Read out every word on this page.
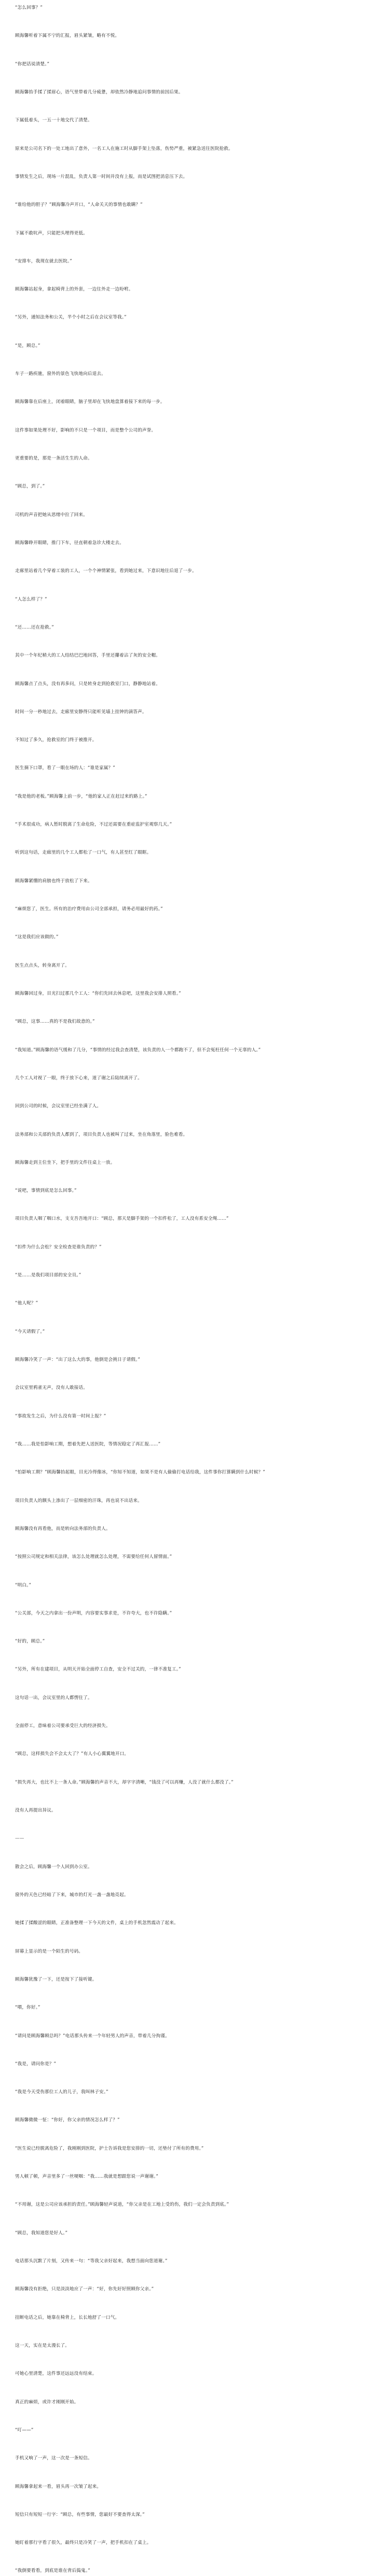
“怎么回事？”

顾海馨听着下属不宁的汇报，眉头紧皱，略有不悦。

“你把话说清楚。”

顾海馨抬手揉了揉眉心，语气里带着几分疲惫，却依然冷静地追问事情的前因后果。

下属低着头，一五一十地交代了清楚。

原来是公司名下的一处工地出了意外，一名工人在施工时从脚手架上坠落，伤势严重，被紧急送往医院抢救。

事情发生之后，现场一片混乱，负责人第一时间并没有上报，而是试图把消息压下去。

“谁给他的胆子？”顾海馨冷声开口，“人命关天的事情也敢瞒？”

下属不敢吭声，只能把头埋得更低。

“安排车，我现在就去医院。”

顾海馨站起身，拿起椅背上的外套，一边往外走一边吩咐。

“另外，通知法务和公关，半个小时之后在会议室等我。”

“是，顾总。”

车子一路疾驰，窗外的景色飞快地向后退去。

顾海馨靠在后座上，闭着眼睛，脑子里却在飞快地盘算着接下来的每一步。

这件事如果处理不好，影响的不只是一个项目，而是整个公司的声誉。

更重要的是，那是一条活生生的人命。

“顾总，到了。”

司机的声音把她从思绪中拉了回来。

顾海馨睁开眼睛，推门下车，径直朝着急诊大楼走去。

走廊里站着几个穿着工装的工人，一个个神情紧张，看到她过来，下意识地往后退了一步。

“人怎么样了？”

“还……还在抢救。”

其中一个年纪稍大的工人结结巴巴地回答，手里还攥着沾了灰的安全帽。

顾海馨点了点头，没有再多问，只是转身走到抢救室门口，静静地站着。

时间一分一秒地过去，走廊里安静得只能听见墙上挂钟的滴答声。

不知过了多久，抢救室的门终于被推开。

医生摘下口罩，看了一眼在场的人：“谁是家属？”

“我是他的老板。”顾海馨上前一步，“他的家人正在赶过来的路上。”

“手术很成功，病人暂时脱离了生命危险，不过还需要在重症监护室观察几天。”

听到这句话，走廊里的几个工人都松了一口气，有人甚至红了眼眶。

顾海馨紧绷的肩膀也终于放松了下来。

“麻烦您了，医生。所有的治疗费用由公司全部承担，请务必用最好的药。”

“这是我们应该做的。”

医生点点头，转身离开了。

顾海馨回过身，目光扫过那几个工人：“你们先回去休息吧，这里我会安排人照看。”

“顾总，这事……真的不是我们故意的。”

“我知道。”顾海馨的语气缓和了几分，“事情的经过我会查清楚，该负责的人一个都跑不了，但不会冤枉任何一个无辜的人。”

几个工人对视了一眼，终于放下心来，道了谢之后陆续离开了。

回到公司的时候，会议室里已经坐满了人。

法务部和公关部的负责人都到了，项目负责人也被叫了过来，坐在角落里，脸色难看。

顾海馨走到主位坐下，把手里的文件往桌上一放。

“说吧，事情到底是怎么回事。”

项目负责人咽了咽口水，支支吾吾地开口：“顾总，那天是脚手架的一个扣件松了，工人没有系安全绳……”

“扣件为什么会松？安全检查是谁负责的？”

“是……是我们项目部的安全员。”

“他人呢？”

“今天请假了。”

顾海馨冷笑了一声：“出了这么大的事，他倒是会挑日子请假。”

会议室里鸦雀无声，没有人敢接话。

“事故发生之后，为什么没有第一时间上报？”

“我……我是怕影响工期，想着先把人送医院，等情况稳定了再汇报……”

“怕影响工期？”顾海馨抬起眼，目光冷得像冰，“你知不知道，如果不是有人偷偷打电话给我，这件事你打算瞒到什么时候？”

项目负责人的额头上渗出了一层细密的汗珠，再也说不出话来。

顾海馨没有再看他，而是转向法务部的负责人。

“按照公司规定和相关法律，该怎么处理就怎么处理，不需要给任何人留情面。”

“明白。”

“公关部，今天之内拿出一份声明，内容要实事求是，不许夸大，也不许隐瞒。”

“好的，顾总。”

“另外，所有在建项目，从明天开始全面停工自查，安全不过关的，一律不准复工。”

这句话一出，会议室里的人都愣住了。

全面停工，意味着公司要承受巨大的经济损失。

“顾总，这样损失会不会太大了？”有人小心翼翼地开口。

“损失再大，也比不上一条人命。”顾海馨的声音不大，却字字清晰，“钱没了可以再赚，人没了就什么都没了。”

没有人再提出异议。

——

散会之后，顾海馨一个人回到办公室。

窗外的天色已经暗了下来，城市的灯光一盏一盏地亮起。

她揉了揉酸涩的眼睛，正准备整理一下今天的文件，桌上的手机忽然震动了起来。

屏幕上显示的是一个陌生的号码。

顾海馨犹豫了一下，还是按下了接听键。

“喂，你好。”

“请问是顾海馨顾总吗？”电话那头传来一个年轻男人的声音，带着几分拘谨。

“我是，请问你是？”

“我是今天受伤那位工人的儿子，我叫林子安。”

顾海馨微微一怔：“你好，你父亲的情况怎么样了？”

“医生说已经脱离危险了，我刚刚到医院，护士告诉我是您安排的一切，还垫付了所有的费用。”

男人顿了顿，声音里多了一丝哽咽：“我……我就是想跟您说一声谢谢。”

“不用谢，这是公司应该承担的责任。”顾海馨轻声说道，“你父亲是在工地上受的伤，我们一定会负责到底。”

“顾总，我知道您是好人。”

电话那头沉默了片刻，又传来一句：“等我父亲好起来，我想当面向您道谢。”

顾海馨没有拒绝，只是淡淡地应了一声：“好，你先好好照顾你父亲。”

挂断电话之后，她靠在椅背上，长长地舒了一口气。

这一天，实在是太漫长了。

可她心里清楚，这件事还远远没有结束。

真正的麻烦，或许才刚刚开始。

“叮——”

手机又响了一声，这一次是一条短信。

顾海馨拿起来一看，眉头再一次皱了起来。

短信只有短短一行字：“顾总，有些事情，您最好不要查得太深。”

她盯着那行字看了很久，最终只是冷笑了一声，把手机扣在了桌上。

“我倒要看看，到底是谁在背后捣鬼。”
